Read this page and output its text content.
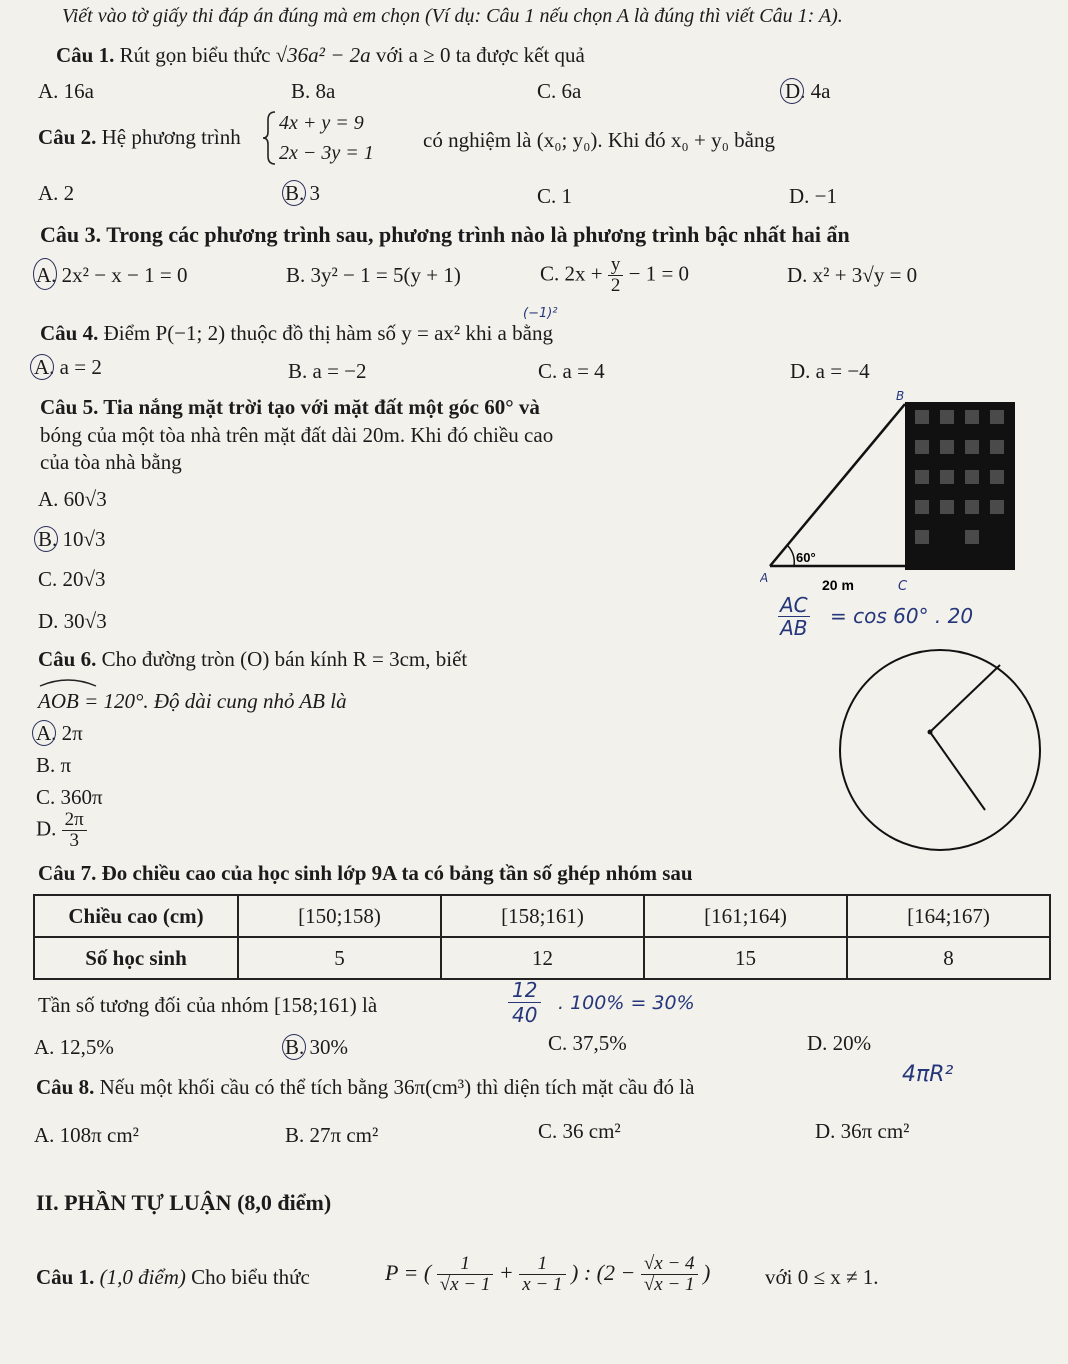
Viết vào tờ giấy thi đáp án đúng mà em chọn (Ví dụ: Câu 1 nếu chọn A là đúng thì viết Câu 1: A).
Câu 1. Rút gọn biểu thức √36a² − 2a với a ≥ 0 ta được kết quả
A. 16a	B. 8a	C. 6a	D. 4a
Câu 2. Hệ phương trình
4x + y = 9
2x − 3y = 1
có nghiệm là (x₀; y₀). Khi đó x₀ + y₀ bằng
A. 2	B. 3	C. 1	D. −1
Câu 3. Trong các phương trình sau, phương trình nào là phương trình bậc nhất hai ẩn
A. 2x² − x − 1 = 0	B. 3y² − 1 = 5(y + 1)	C. $2x + \frac{y}{2} - 1 = 0$	D. x² + 3√y = 0
Câu 4. Điểm P(−1; 2) thuộc đồ thị hàm số y = ax² khi a bằng
(−1)²
A. a = 2	B. a = −2	C. a = 4	D. a = −4
Câu 5. Tia nắng mặt trời tạo với mặt đất một góc 60° và
bóng của một tòa nhà trên mặt đất dài 20m. Khi đó chiều cao
của tòa nhà bằng
A. 60√3
B. 10√3
C. 20√3
D. 30√3
60°
20 m
B
A
C
$\frac{AC}{AB} = \cos 60^\circ$ . 20
Câu 6. Cho đường tròn (O) bán kính R = 3cm, biết
AOB = 120°. Độ dài cung nhỏ AB là
A. 2π
B. π
C. 360π
D. $\frac{2\pi}{3}$
Câu 7. Đo chiều cao của học sinh lớp 9A ta có bảng tần số ghép nhóm sau
Chiều cao (cm)	[150;158)	[158;161)	[161;164)	[164;167)
Số học sinh	5	12	15	8
Tần số tương đối của nhóm [158;161) là	$\frac{12}{40}$ . 100% = 30%
A. 12,5%	B. 30%	C. 37,5%	D. 20%
Câu 8. Nếu một khối cầu có thể tích bằng 36π(cm³) thì diện tích mặt cầu đó là	4πR²
A. 108π cm²	B. 27π cm²	C. 36 cm²	D. 36π cm²
II. PHẦN TỰ LUẬN (8,0 điểm)
Câu 1. (1,0 điểm) Cho biểu thức	P = ( $\frac{1}{√x - 1} + \frac{1}{x - 1}$ ) : ($2 - \frac{√x - 4}{√x - 1}$ )	với 0 ≤ x ≠ 1.
